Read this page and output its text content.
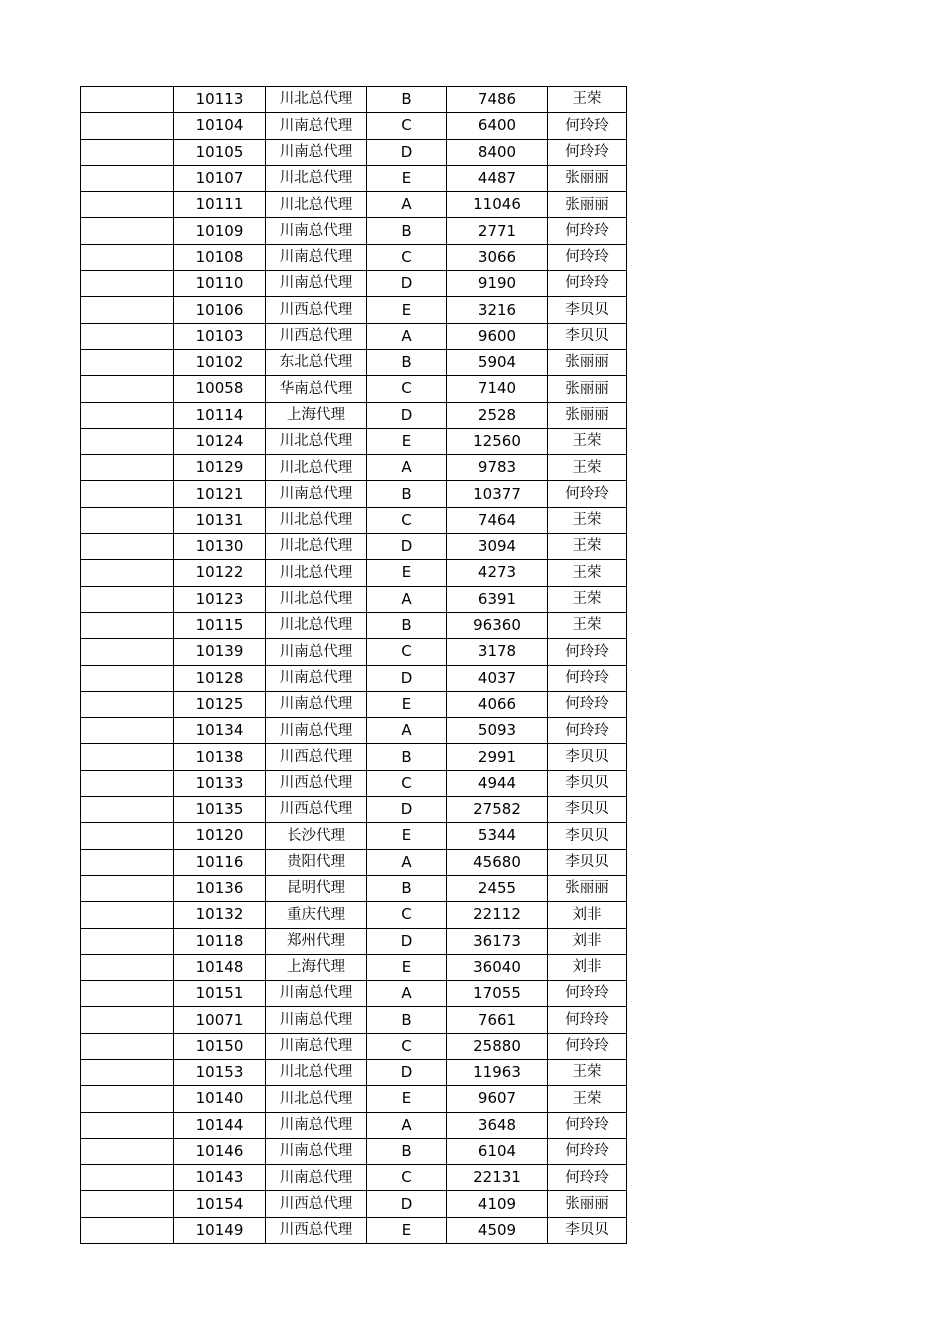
	10113	川北总代理	B	7486	王荣
	10104	川南总代理	C	6400	何玲玲
	10105	川南总代理	D	8400	何玲玲
	10107	川北总代理	E	4487	张丽丽
	10111	川北总代理	A	11046	张丽丽
	10109	川南总代理	B	2771	何玲玲
	10108	川南总代理	C	3066	何玲玲
	10110	川南总代理	D	9190	何玲玲
	10106	川西总代理	E	3216	李贝贝
	10103	川西总代理	A	9600	李贝贝
	10102	东北总代理	B	5904	张丽丽
	10058	华南总代理	C	7140	张丽丽
	10114	上海代理	D	2528	张丽丽
	10124	川北总代理	E	12560	王荣
	10129	川北总代理	A	9783	王荣
	10121	川南总代理	B	10377	何玲玲
	10131	川北总代理	C	7464	王荣
	10130	川北总代理	D	3094	王荣
	10122	川北总代理	E	4273	王荣
	10123	川北总代理	A	6391	王荣
	10115	川北总代理	B	96360	王荣
	10139	川南总代理	C	3178	何玲玲
	10128	川南总代理	D	4037	何玲玲
	10125	川南总代理	E	4066	何玲玲
	10134	川南总代理	A	5093	何玲玲
	10138	川西总代理	B	2991	李贝贝
	10133	川西总代理	C	4944	李贝贝
	10135	川西总代理	D	27582	李贝贝
	10120	长沙代理	E	5344	李贝贝
	10116	贵阳代理	A	45680	李贝贝
	10136	昆明代理	B	2455	张丽丽
	10132	重庆代理	C	22112	刘非
	10118	郑州代理	D	36173	刘非
	10148	上海代理	E	36040	刘非
	10151	川南总代理	A	17055	何玲玲
	10071	川南总代理	B	7661	何玲玲
	10150	川南总代理	C	25880	何玲玲
	10153	川北总代理	D	11963	王荣
	10140	川北总代理	E	9607	王荣
	10144	川南总代理	A	3648	何玲玲
	10146	川南总代理	B	6104	何玲玲
	10143	川南总代理	C	22131	何玲玲
	10154	川西总代理	D	4109	张丽丽
	10149	川西总代理	E	4509	李贝贝
